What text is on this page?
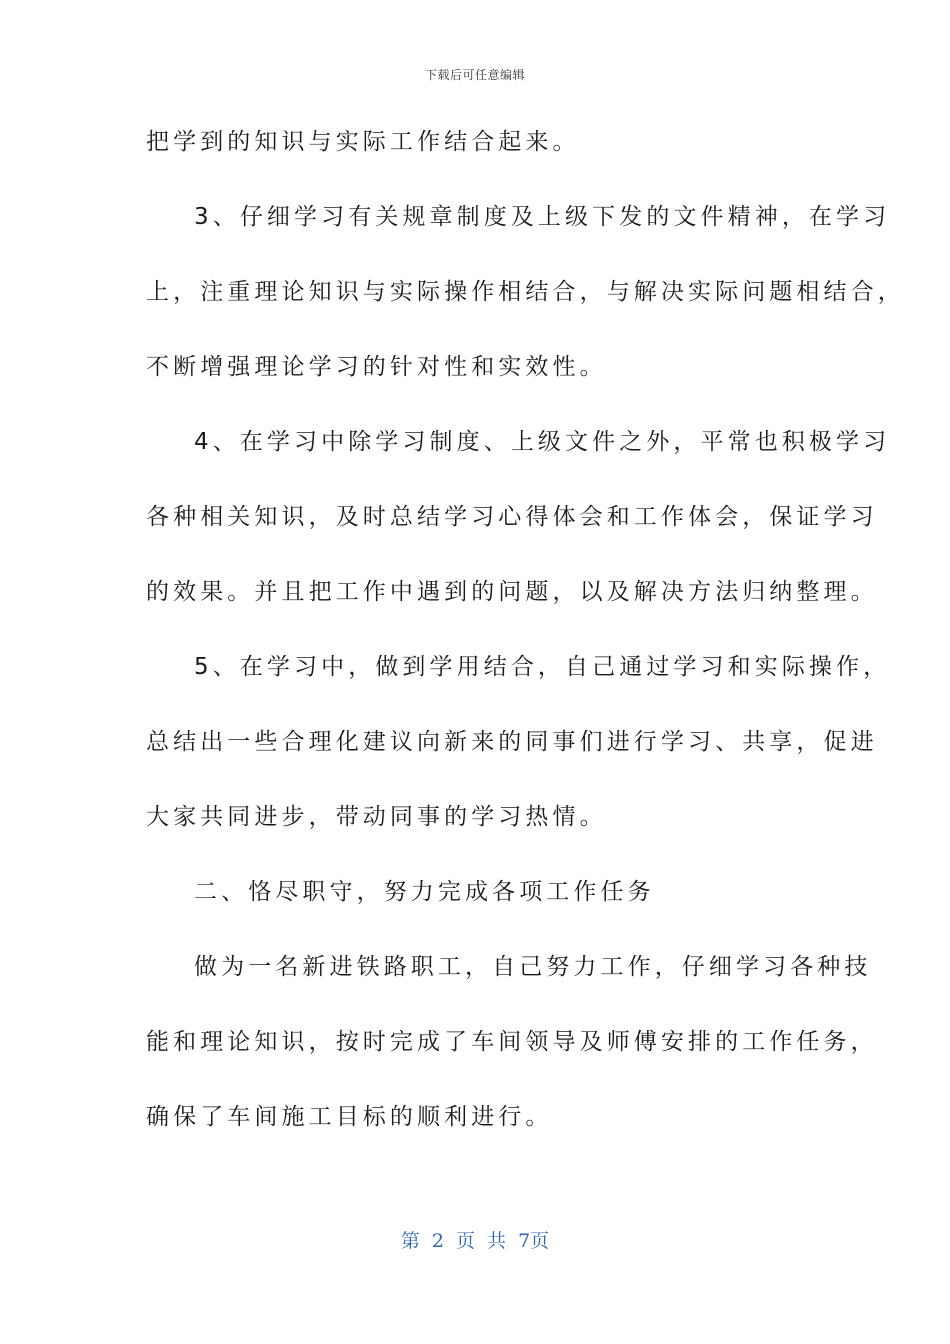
下载后可任意编辑
把学到的知识与实际工作结合起来。
3、仔细学习有关规章制度及上级下发的文件精神，在学习
上，注重理论知识与实际操作相结合，与解决实际问题相结合，
不断增强理论学习的针对性和实效性。
4、在学习中除学习制度、上级文件之外，平常也积极学习
各种相关知识，及时总结学习心得体会和工作体会，保证学习
的效果。并且把工作中遇到的问题，以及解决方法归纳整理。
5、在学习中，做到学用结合，自己通过学习和实际操作，
总结出一些合理化建议向新来的同事们进行学习、共享，促进
大家共同进步，带动同事的学习热情。
二、恪尽职守，努力完成各项工作任务
做为一名新进铁路职工，自己努力工作，仔细学习各种技
能和理论知识，按时完成了车间领导及师傅安排的工作任务，
确保了车间施工目标的顺利进行。
第 2 页 共 7页
